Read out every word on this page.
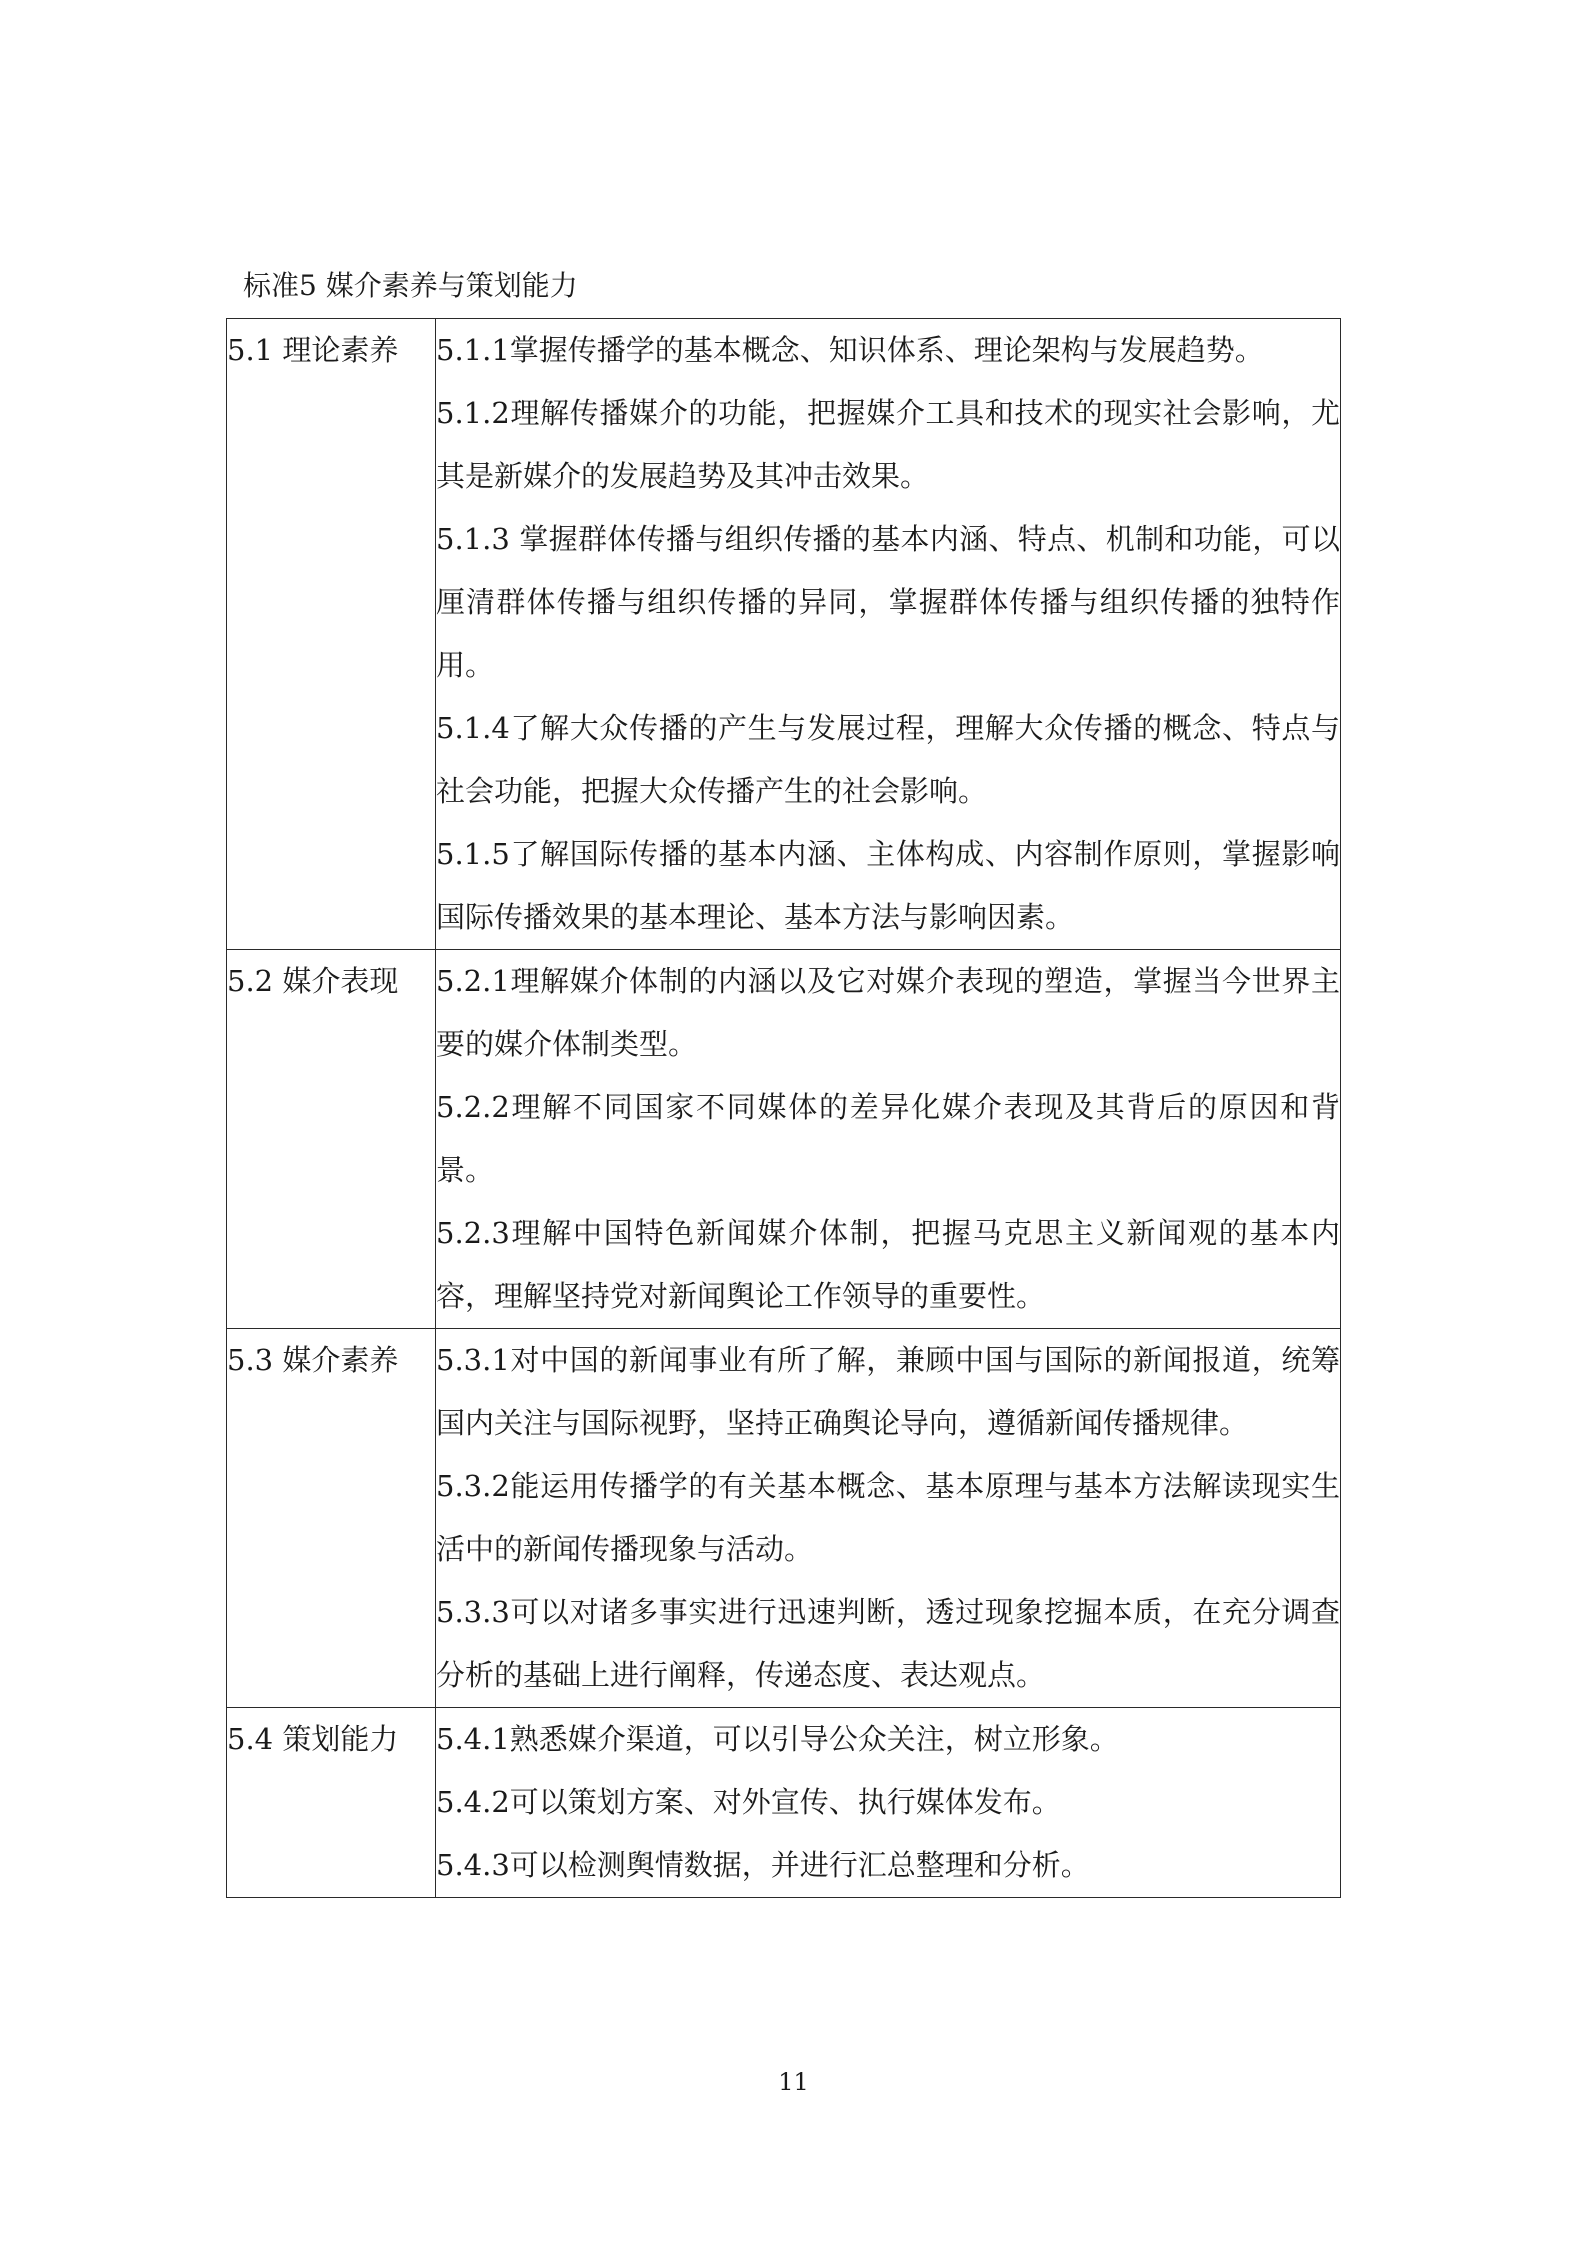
标准5 媒介素养与策划能力
5.1 理论素养	5.1.1掌握传播学的基本概念、知识体系、理论架构与发展趋势。

5.1.2理解传播媒介的功能，把握媒介工具和技术的现实社会影响，尤其是新媒介的发展趋势及其冲击效果。

5.1.3 掌握群体传播与组织传播的基本内涵、特点、机制和功能，可以厘清群体传播与组织传播的异同，掌握群体传播与组织传播的独特作用。

5.1.4了解大众传播的产生与发展过程，理解大众传播的概念、特点与社会功能，把握大众传播产生的社会影响。

5.1.5了解国际传播的基本内涵、主体构成、内容制作原则，掌握影响国际传播效果的基本理论、基本方法与影响因素。

5.2 媒介表现	5.2.1理解媒介体制的内涵以及它对媒介表现的塑造，掌握当今世界主要的媒介体制类型。

5.2.2理解不同国家不同媒体的差异化媒介表现及其背后的原因和背景。

5.2.3理解中国特色新闻媒介体制，把握马克思主义新闻观的基本内容，理解坚持党对新闻舆论工作领导的重要性。

5.3 媒介素养	5.3.1对中国的新闻事业有所了解，兼顾中国与国际的新闻报道，统筹国内关注与国际视野，坚持正确舆论导向，遵循新闻传播规律。

5.3.2能运用传播学的有关基本概念、基本原理与基本方法解读现实生活中的新闻传播现象与活动。

5.3.3可以对诸多事实进行迅速判断，透过现象挖掘本质，在充分调查分析的基础上进行阐释，传递态度、表达观点。

5.4 策划能力	5.4.1熟悉媒介渠道，可以引导公众关注，树立形象。

5.4.2可以策划方案、对外宣传、执行媒体发布。

5.4.3可以检测舆情数据，并进行汇总整理和分析。

11
